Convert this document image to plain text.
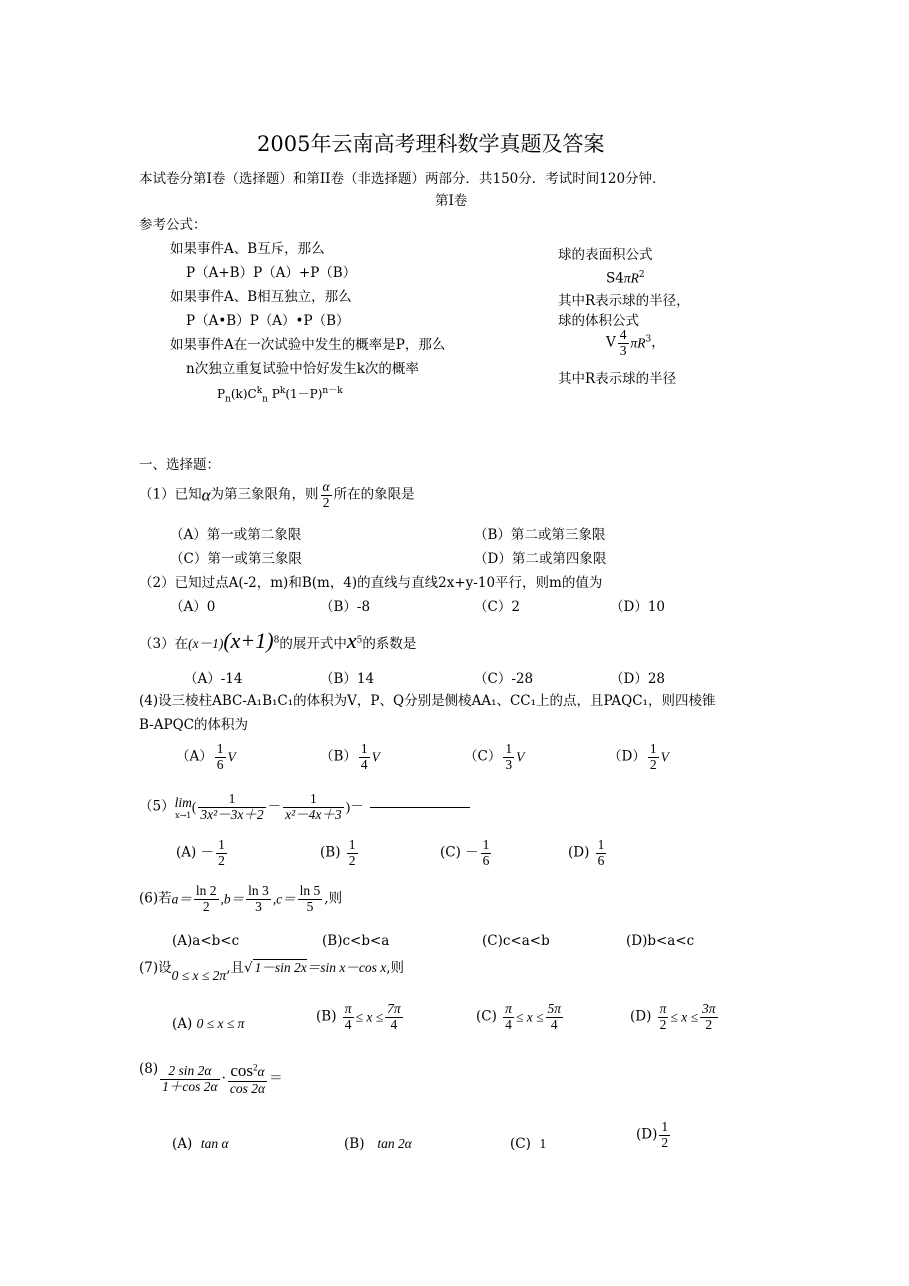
2005年云南高考理科数学真题及答案
本试卷分第I卷（选择题）和第II卷（非选择题）两部分．共150分．考试时间120分钟．
第I卷
参考公式：
如果事件A、B互斥，那么
P（A+B）P（A）+P（B）
如果事件A、B相互独立，那么
P（A•B）P（A）•P（B）
如果事件A在一次试验中发生的概率是P，那么
n次独立重复试验中恰好发生k次的概率
$P_n(k)C^k_n$ $P^k(1-P)^{n-k}$
球的表面积公式
$S4\pi R^2$
其中R表示球的半径，
球的体积公式
V $\frac{4}{3} \pi R^3$，
其中R表示球的半径
一、选择题：
（1）已知α为第三象限角，则 $\frac{\alpha}{2}$ 所在的象限是
（A）第一或第二象限	（B）第二或第三象限
（C）第一或第三象限	（D）第二或第四象限
（2）已知过点A(-2，m)和B(m，4)的直线与直线2x+y-10平行，则m的值为
（A）0	（B）-8	（C）2	（D）10
（3）在$(x-1)(x+1)^8$的展开式中$x^5$的系数是
（A）-14	（B）14	（C）-28	（D）28
(4)设三棱柱ABC-A₁B₁C₁的体积为V，P、Q分别是侧棱AA₁、CC₁上的点，且PAQC₁，则四棱锥
B-APQC的体积为
$(A) \frac{1}{6}$ V	$(B) \frac{1}{4}$ V	$(C) \frac{1}{3}$ V	$(D) \frac{1}{2}$ V
（5） lim
x→1
( $\frac{1}{\text{3x²－3x＋2}} - \frac{1}{\text{x²－4x＋3}}$ )－
$(A) - \frac{1}{2}$	$(B) \frac{1}{2}$	$(C) - \frac{1}{6}$	$(D) \frac{1}{6}$
(6)若$a= \frac{\ln 2}{2} ,b= \frac{\ln 3}{3} ,c= \frac{\ln 5}{5}$ ,则
(A)a<b<c	(B)c<b<a	(C)c<a<b	(D)b<a<c
(7)设0 ≤ x ≤ 2π,且√ 1－sin 2x＝sin x－cos x,则
(A) 0 ≤ x ≤ π	$(B) \frac{\pi}{4} \le x \le \frac{7\pi}{4}$	$(C) \frac{\pi}{4} \le x \le \frac{5\pi}{4}$	$(D) \frac{\pi}{2} \le x \le \frac{3\pi}{2}$
$(8) \frac{2 \sin 2\alpha}{1+\cos 2\alpha} \cdot \frac{\cos^2\alpha}{\cos 2\alpha}$ ＝
(A) tan α	(B) tan 2α	(C) 1
$(D) \frac{1}{2}$
